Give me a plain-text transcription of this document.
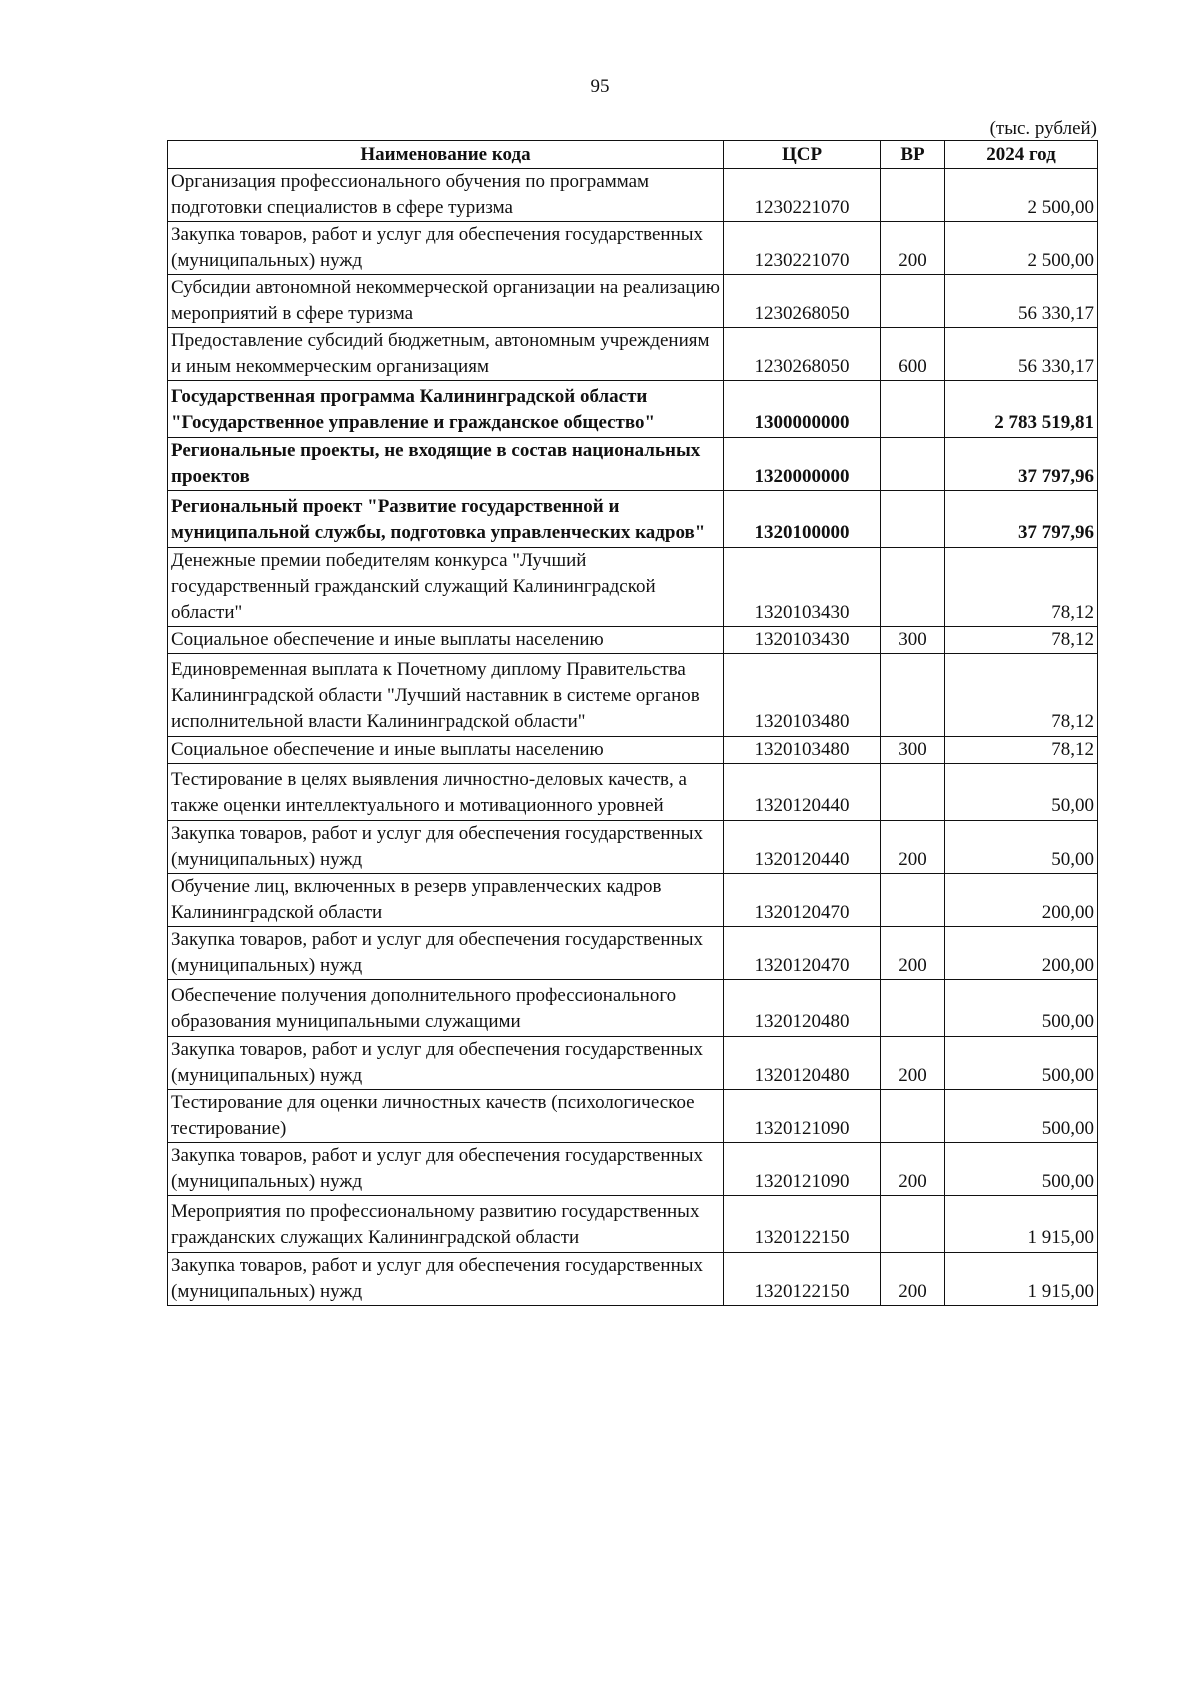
95
(тыс. рублей)
Наименование кода	ЦСР	ВР	2024 год
Организация профессионального обучения по программам подготовки специалистов в сфере туризма	1230221070		2 500,00
Закупка товаров, работ и услуг для обеспечения государственных (муниципальных) нужд	1230221070	200	2 500,00
Субсидии автономной некоммерческой организации на реализацию мероприятий в сфере туризма	1230268050		56 330,17
Предоставление субсидий бюджетным, автономным учреждениям и иным некоммерческим организациям	1230268050	600	56 330,17
Государственная программа Калининградской области "Государственное управление и гражданское общество"	1300000000		2 783 519,81
Региональные проекты, не входящие в состав национальных проектов	1320000000		37 797,96
Региональный проект "Развитие государственной и муниципальной службы, подготовка управленческих кадров"	1320100000		37 797,96
Денежные премии победителям конкурса "Лучший государственный гражданский служащий Калининградской области"	1320103430		78,12
Социальное обеспечение и иные выплаты населению	1320103430	300	78,12
Единовременная выплата к Почетному диплому Правительства Калининградской области "Лучший наставник в системе органов исполнительной власти Калининградской области"	1320103480		78,12
Социальное обеспечение и иные выплаты населению	1320103480	300	78,12
Тестирование в целях выявления личностно-деловых качеств, а также оценки интеллектуального и мотивационного уровней	1320120440		50,00
Закупка товаров, работ и услуг для обеспечения государственных (муниципальных) нужд	1320120440	200	50,00
Обучение лиц, включенных в резерв управленческих кадров Калининградской области	1320120470		200,00
Закупка товаров, работ и услуг для обеспечения государственных (муниципальных) нужд	1320120470	200	200,00
Обеспечение получения дополнительного профессионального образования муниципальными служащими	1320120480		500,00
Закупка товаров, работ и услуг для обеспечения государственных (муниципальных) нужд	1320120480	200	500,00
Тестирование для оценки личностных качеств (психологическое тестирование)	1320121090		500,00
Закупка товаров, работ и услуг для обеспечения государственных (муниципальных) нужд	1320121090	200	500,00
Мероприятия по профессиональному развитию государственных гражданских служащих Калининградской области	1320122150		1 915,00
Закупка товаров, работ и услуг для обеспечения государственных (муниципальных) нужд	1320122150	200	1 915,00
